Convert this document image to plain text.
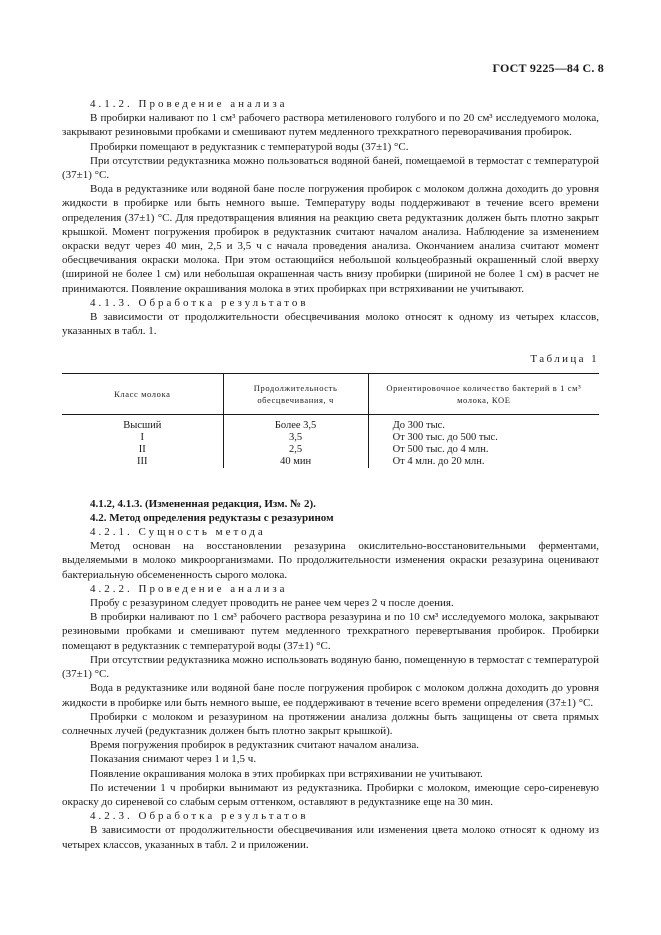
ГОСТ 9225—84 С. 8

4.1.2. Проведение анализа

В пробирки наливают по 1 см³ рабочего раствора метиленового голубого и по 20 см³ исследуемого молока, закрывают резиновыми пробками и смешивают путем медленного трехкратного переворачивания пробирок.

Пробирки помещают в редуктазник с температурой воды (37±1) °С.

При отсутствии редуктазника можно пользоваться водяной баней, помещаемой в термостат с температурой (37±1) °С.

Вода в редуктазнике или водяной бане после погружения пробирок с молоком должна доходить до уровня жидкости в пробирке или быть немного выше. Температуру воды поддерживают в течение всего времени определения (37±1) °С. Для предотвращения влияния на реакцию света редуктазник должен быть плотно закрыт крышкой. Момент погружения пробирок в редуктазник считают началом анализа. Наблюдение за изменением окраски ведут через 40 мин, 2,5 и 3,5 ч с начала проведения анализа. Окончанием анализа считают момент обесцвечивания окраски молока. При этом остающийся небольшой кольцеобразный окрашенный слой вверху (шириной не более 1 см) или небольшая окрашенная часть внизу пробирки (шириной не более 1 см) в расчет не принимаются. Появление окрашивания молока в этих пробирках при встряхивании не учитывают.

4.1.3. Обработка результатов

В зависимости от продолжительности обесцвечивания молоко относят к одному из четырех классов, указанных в табл. 1.

Таблица 1
Класс молока	Продолжительность обесцвечивания, ч	Ориентировочное количество бактерий в 1 см³ молока, КОЕ
Высший	Более 3,5	До 300 тыс.
I	3,5	От 300 тыс. до 500 тыс.
II	2,5	От 500 тыс. до 4 млн.
III	40 мин	От 4 млн. до 20 млн.

4.1.2, 4.1.3. (Измененная редакция, Изм. № 2).

4.2. Метод определения редуктазы с резазурином

4.2.1. Сущность метода

Метод основан на восстановлении резазурина окислительно-восстановительными ферментами, выделяемыми в молоко микроорганизмами. По продолжительности изменения окраски резазурина оценивают бактериальную обсемененность сырого молока.

4.2.2. Проведение анализа

Пробу с резазурином следует проводить не ранее чем через 2 ч после доения.

В пробирки наливают по 1 см³ рабочего раствора резазурина и по 10 см³ исследуемого молока, закрывают резиновыми пробками и смешивают путем медленного трехкратного перевертывания пробирок. Пробирки помещают в редуктазник с температурой воды (37±1) °С.

При отсутствии редуктазника можно использовать водяную баню, помещенную в термостат с температурой (37±1) °С.

Вода в редуктазнике или водяной бане после погружения пробирок с молоком должна доходить до уровня жидкости в пробирке или быть немного выше, ее поддерживают в течение всего времени определения (37±1) °С.

Пробирки с молоком и резазурином на протяжении анализа должны быть защищены от света прямых солнечных лучей (редуктазник должен быть плотно закрыт крышкой).

Время погружения пробирок в редуктазник считают началом анализа.

Показания снимают через 1 и 1,5 ч.

Появление окрашивания молока в этих пробирках при встряхивании не учитывают.

По истечении 1 ч пробирки вынимают из редуктазника. Пробирки с молоком, имеющие серо-сиреневую окраску до сиреневой со слабым серым оттенком, оставляют в редуктазнике еще на 30 мин.

4.2.3. Обработка результатов

В зависимости от продолжительности обесцвечивания или изменения цвета молоко относят к одному из четырех классов, указанных в табл. 2 и приложении.
